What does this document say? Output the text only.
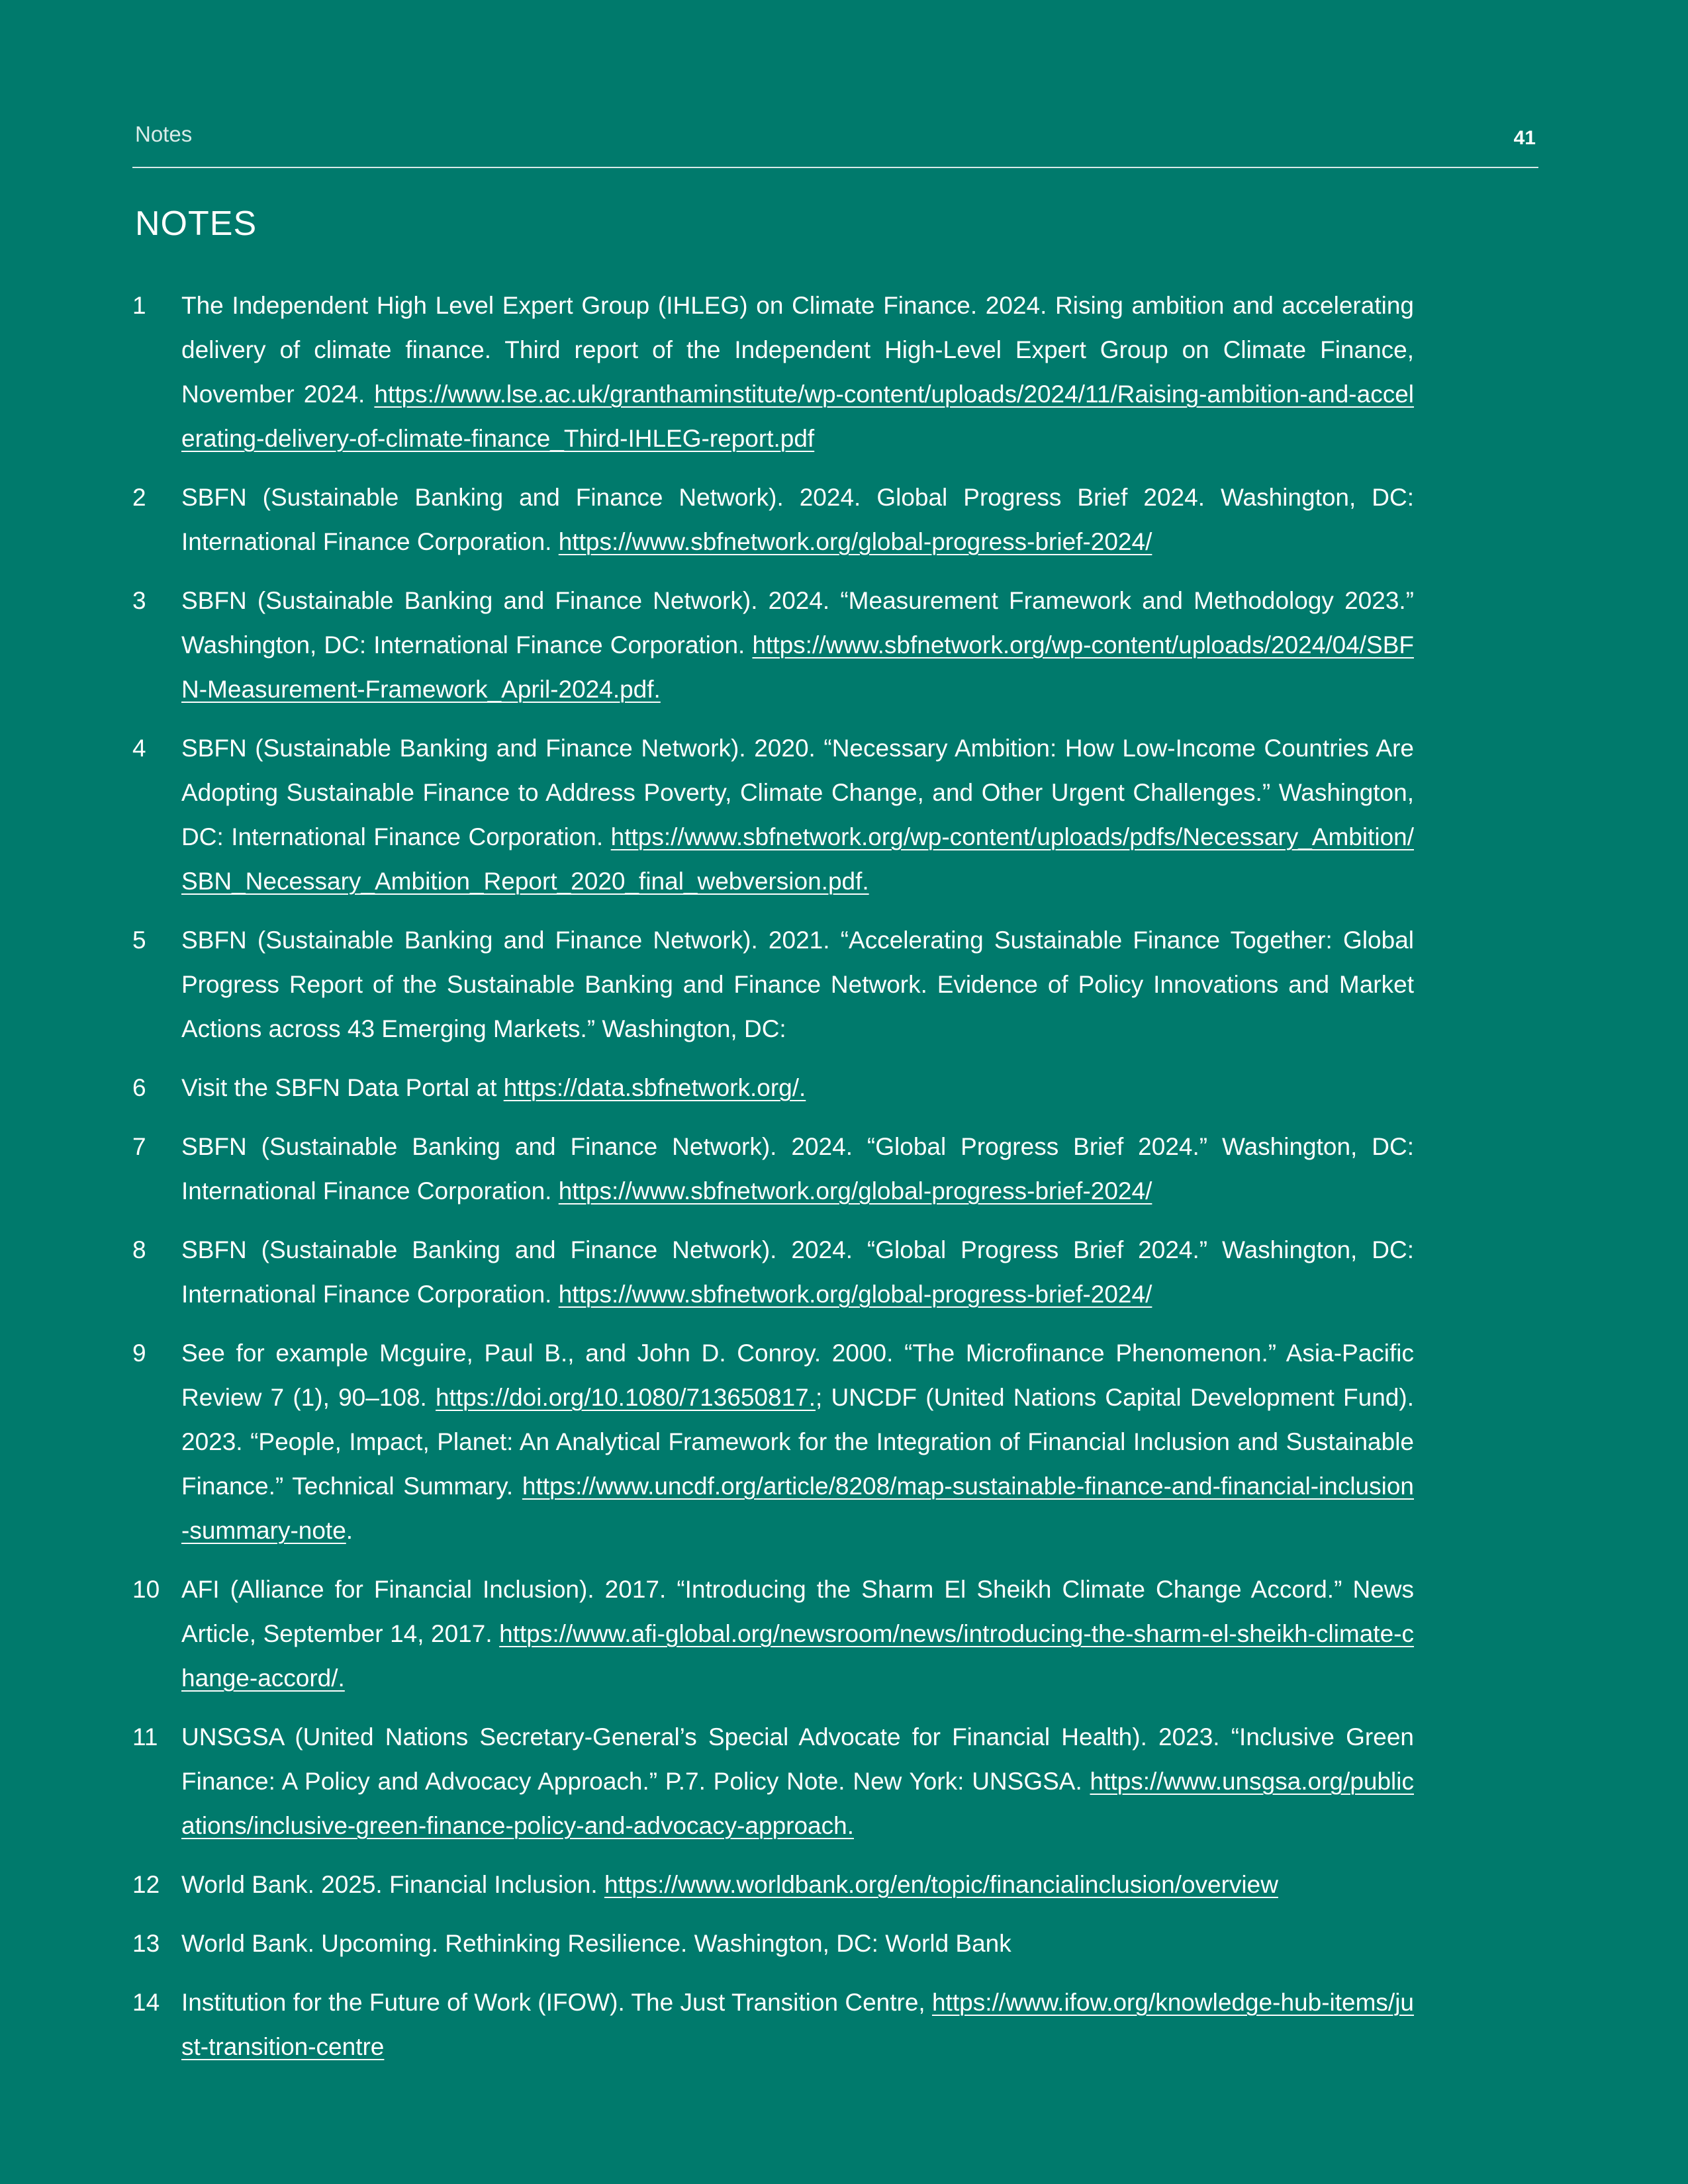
Notes	41
NOTES
1	The Independent High Level Expert Group (IHLEG) on Climate Finance. 2024. Rising ambition and accelerating delivery of climate finance. Third report of the Independent High-Level Expert Group on Climate Finance, November 2024. https://www.lse.ac.uk/granthaminstitute/wp-content/uploads/2024/11/Raising-ambition-and-accelerating-delivery-of-climate-finance_Third-IHLEG-report.pdf
2	SBFN (Sustainable Banking and Finance Network). 2024. Global Progress Brief 2024. Washington, DC: International Finance Corporation. https://www.sbfnetwork.org/global-progress-brief-2024/
3	SBFN (Sustainable Banking and Finance Network). 2024. “Measurement Framework and Methodology 2023.” Washington, DC: International Finance Corporation. https://www.sbfnetwork.org/wp-content/uploads/2024/04/SBFN-Measurement-Framework_April-2024.pdf.
4	SBFN (Sustainable Banking and Finance Network). 2020. “Necessary Ambition: How Low-Income Countries Are Adopting Sustainable Finance to Address Poverty, Climate Change, and Other Urgent Challenges.” Washington, DC: International Finance Corporation. https://www.sbfnetwork.org/wp-content/uploads/pdfs/Necessary_Ambition/SBN_Necessary_Ambition_Report_2020_final_webversion.pdf.
5	SBFN (Sustainable Banking and Finance Network). 2021. “Accelerating Sustainable Finance Together: Global Progress Report of the Sustainable Banking and Finance Network. Evidence of Policy Innovations and Market Actions across 43 Emerging Markets.” Washington, DC:
6	Visit the SBFN Data Portal at https://data.sbfnetwork.org/.
7	SBFN (Sustainable Banking and Finance Network). 2024. “Global Progress Brief 2024.” Washington, DC: International Finance Corporation. https://www.sbfnetwork.org/global-progress-brief-2024/
8	SBFN (Sustainable Banking and Finance Network). 2024. “Global Progress Brief 2024.” Washington, DC: International Finance Corporation. https://www.sbfnetwork.org/global-progress-brief-2024/
9	See for example Mcguire, Paul B., and John D. Conroy. 2000. “The Microfinance Phenomenon.” Asia-Pacific Review 7 (1), 90–108. https://doi.org/10.1080/713650817.; UNCDF (United Nations Capital Development Fund). 2023. “People, Impact, Planet: An Analytical Framework for the Integration of Financial Inclusion and Sustainable Finance.” Technical Summary. https://www.uncdf.org/article/8208/map-sustainable-finance-and-financial-inclusion-summary-note.
10 AFI (Alliance for Financial Inclusion). 2017. “Introducing the Sharm El Sheikh Climate Change Accord.” News Article, September 14, 2017. https://www.afi-global.org/newsroom/news/introducing-the-sharm-el-sheikh-climate-change-accord/.
11 UNSGSA (United Nations Secretary-General’s Special Advocate for Financial Health). 2023. “Inclusive Green Finance: A Policy and Advocacy Approach.” P.7. Policy Note. New York: UNSGSA. https://www.unsgsa.org/publications/inclusive-green-finance-policy-and-advocacy-approach.
12 World Bank. 2025. Financial Inclusion. https://www.worldbank.org/en/topic/financialinclusion/overview
13 World Bank. Upcoming. Rethinking Resilience. Washington, DC: World Bank
14 Institution for the Future of Work (IFOW). The Just Transition Centre, https://www.ifow.org/knowledge-hub-items/just-transition-centre
